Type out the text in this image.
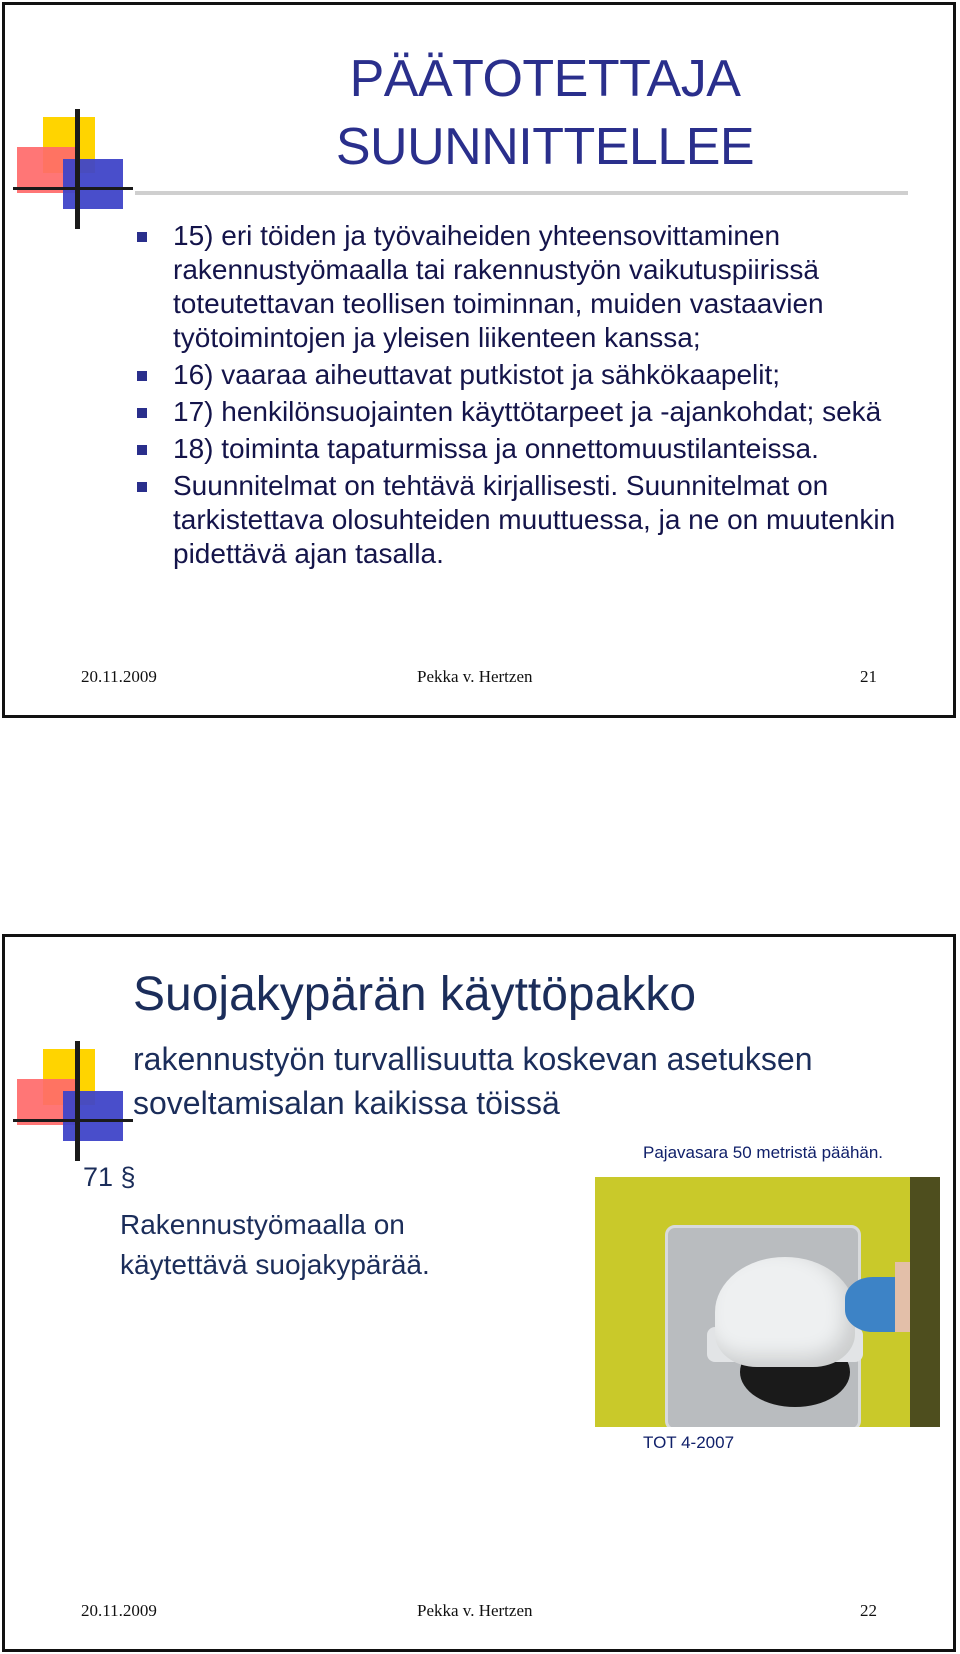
PÄÄTOTETTAJA
SUUNNITTELLEE
15) eri töiden ja työvaiheiden yhteensovittaminen rakennustyömaalla tai rakennustyön vaikutuspiirissä toteutettavan teollisen toiminnan, muiden vastaavien työtoimintojen ja yleisen liikenteen kanssa;
16) vaaraa aiheuttavat putkistot ja sähkökaapelit;
17) henkilönsuojainten käyttötarpeet ja -ajankohdat; sekä
18) toiminta tapaturmissa ja onnettomuustilanteissa.
Suunnitelmat on tehtävä kirjallisesti. Suunnitelmat on tarkistettava olosuhteiden muuttuessa, ja ne on muutenkin pidettävä ajan tasalla.
20.11.2009	Pekka v. Hertzen	21
Suojakypärän käyttöpakko
rakennustyön turvallisuutta koskevan asetuksen soveltamisalan kaikissa töissä
71 §
Rakennustyömaalla on käytettävä suojakypärää.
Pajavasara 50 metristä päähän.
TOT 4-2007
20.11.2009	Pekka v. Hertzen	22
